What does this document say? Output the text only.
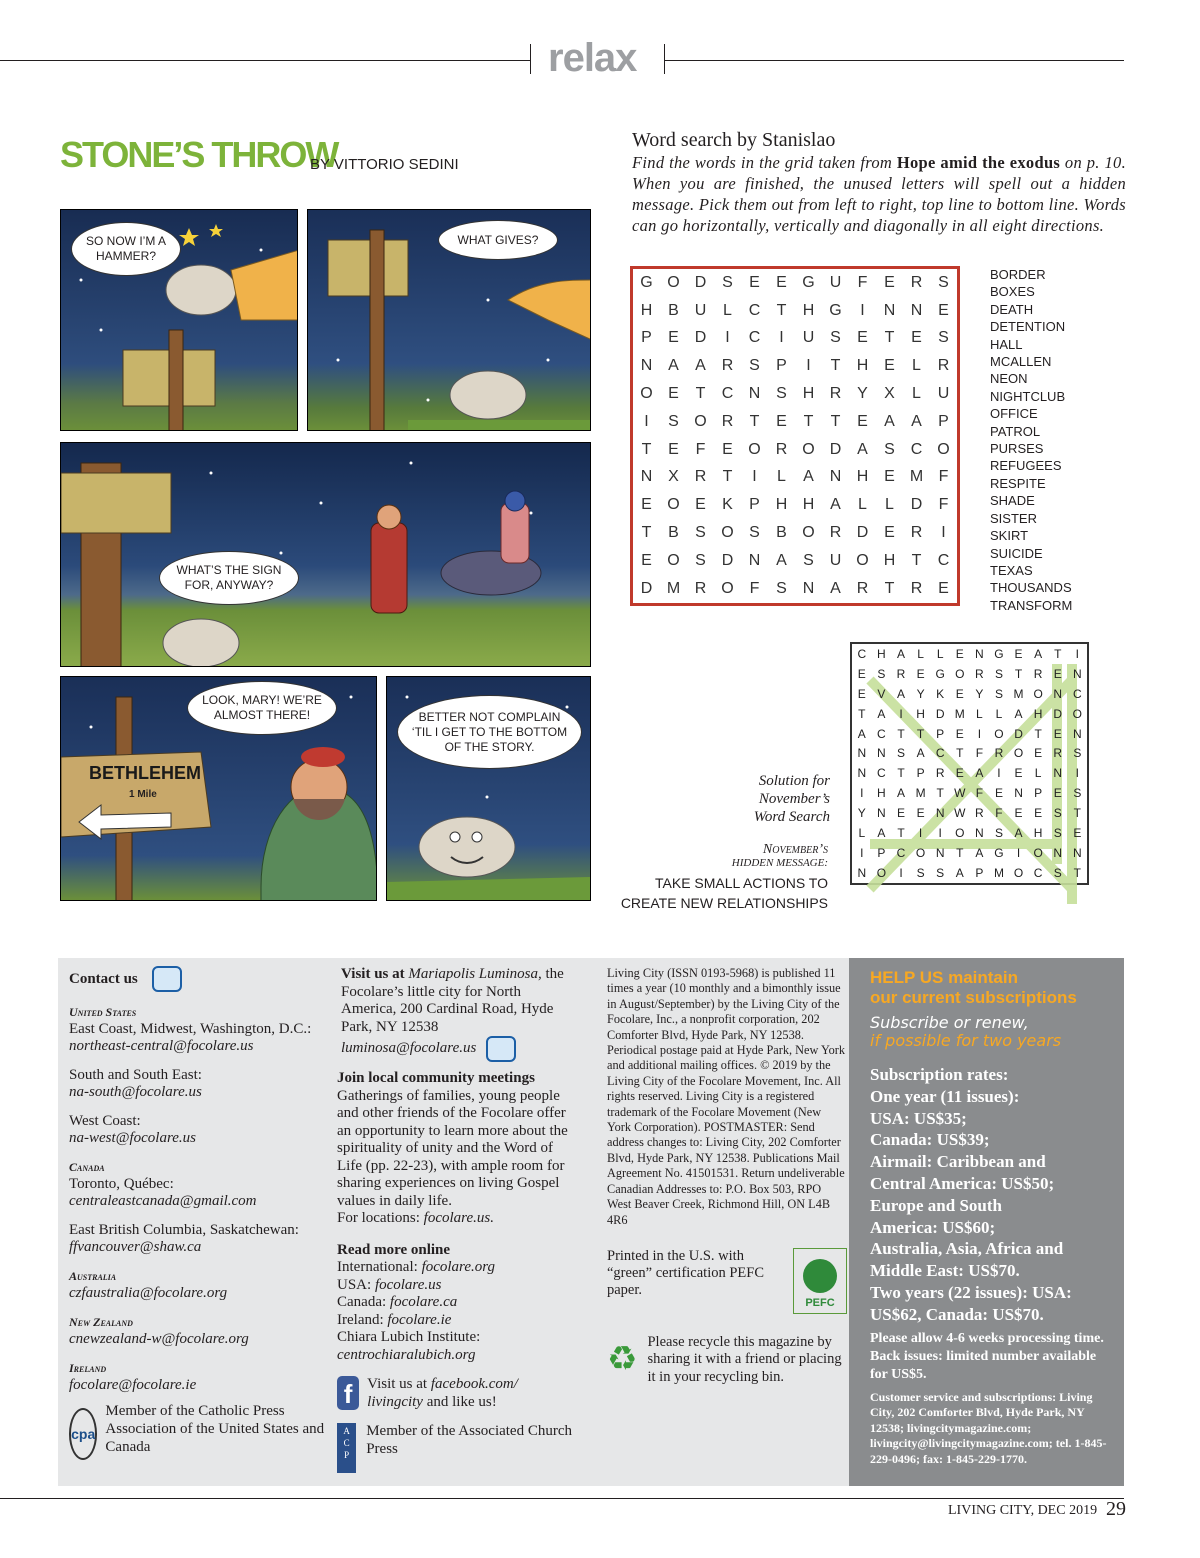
relax
STONE’S THROW
BY VITTORIO SEDINI
SO NOW I’M A HAMMER?
WHAT GIVES?
WHAT’S THE SIGN FOR, ANYWAY?
BETHLEHEM
1 Mile
LOOK, MARY! WE’RE ALMOST THERE!	BETTER NOT COMPLAIN ‘TIL I GET TO THE BOTTOM OF THE STORY.
Word search by Stanislao
Find the words in the grid taken from Hope amid the exodus on p. 10. When you are finished, the unused letters will spell out a hidden message. Pick them out from left to right, top line to bottom line. Words can go horizontally, vertically and diagonally in all eight directions.
G	O	D	S	E	E	G	U	F	E	R	S
H	B	U	L	C	T	H	G	I	N	N	E
P	E	D	I	C	I	U	S	E	T	E	S
N	A	A	R	S	P	I	T	H	E	L	R
O	E	T	C	N	S	H	R	Y	X	L	U
I	S	O	R	T	E	T	T	E	A	A	P
T	E	F	E	O	R	O	D	A	S	C	O
N	X	R	T	I	L	A	N	H	E	M	F
E	O	E	K	P	H	H	A	L	L	D	F
T	B	S	O	S	B	O	R	D	E	R	I
E	O	S	D	N	A	S	U	O	H	T	C
D	M	R	O	F	S	N	A	R	T	R	E
BORDER
BOXES
DEATH
DETENTION
HALL
MCALLEN
NEON
NIGHTCLUB
OFFICE
PATROL
PURSES
REFUGEES
RESPITE
SHADE
SISTER
SKIRT
SUICIDE
TEXAS
THOUSANDS
TRANSFORM
Solution for November’s Word Search
November’s
HIDDEN MESSAGE:
TAKE SMALL ACTIONS TO
CREATE NEW RELATIONSHIPS
C	H	A	L	L	E	N	G	E	A	T	I
E	S	R	E	G	O	R	S	T	R	E	N
E	V	A	Y	K	E	Y	S	M	O	N	C
T	A	I	H	D	M	L	L	A	H	D	O
A	C	T	T	P	E	I	O	D	T	E	N
N	N	S	A	C	T	F	R	O	E	R	S
N	C	T	P	R	E	A	I	E	L	N	I
I	H	A	M	T	W	F	E	N	P	E	S
Y	N	E	E	N	W	R	F	E	E	S	T
L	A	T	I	I	O	N	S	A	H	S	E
I	P	C	O	N	T	A	G	I	O	N	N
N	O	I	S	S	A	P	M	O	C	S	T
Contact us
United States
East Coast, Midwest, Washington, D.C.:
northeast-central@focolare.us
South and South East:
na-south@focolare.us
West Coast:
na-west@focolare.us
Canada
Toronto, Québec:
centraleastcanada@gmail.com
East British Columbia, Saskatchewan:
ffvancouver@shaw.ca
Australia
czfaustralia@focolare.org
New Zealand
cnewzealand-w@focolare.org
Ireland
focolare@focolare.ie
cpa
Member of the Catholic Press Association of the United States and Canada
Visit us at Mariapolis Luminosa, the Focolare’s little city for North America, 200 Cardinal Road, Hyde Park, NY 12538
luminosa@focolare.us
Join local community meetings
Gatherings of families, young people and other friends of the Focolare offer an opportunity to learn more about the spirituality of unity and the Word of Life (pp. 22-23), with ample room for sharing experiences on living Gospel values in daily life.
For locations: focolare.us.
Read more online
International: focolare.org
USA: focolare.us
Canada: focolare.ca
Ireland: focolare.ie
Chiara Lubich Institute:
centrochiaralubich.org
f Visit us at facebook.com/ livingcity and like us!
A
C
P
Member of the Associated Church Press
Living City (ISSN 0193-5968) is published 11 times a year (10 monthly and a bimonthly issue in August/September) by the Living City of the Focolare, Inc., a nonprofit corporation, 202 Comforter Blvd, Hyde Park, NY 12538. Periodical postage paid at Hyde Park, New York and additional mailing offices. © 2019 by the Living City of the Focolare Movement, Inc. All rights reserved. Living City is a registered trademark of the Focolare Movement (New York Corporation). POSTMASTER: Send address changes to: Living City, 202 Comforter Blvd, Hyde Park, NY 12538. Publications Mail Agreement No. 41501531. Return undeliverable Canadian Addresses to: P.O. Box 503, RPO West Beaver Creek, Richmond Hill, ON L4B 4R6
Printed in the U.S. with “green” certification PEFC paper.
PEFC
♻ Please recycle this magazine by sharing it with a friend or placing it in your recycling bin.
HELP US maintain
our current subscriptions
Subscribe or renew,
if possible for two years
Subscription rates:
One year (11 issues):
USA: US$35;
Canada: US$39;
Airmail: Caribbean and
Central America: US$50;
Europe and South
America: US$60;
Australia, Asia, Africa and
Middle East: US$70.
Two years (22 issues): USA:
US$62, Canada: US$70.
Please allow 4-6 weeks processing time. Back issues: limited number available for US$5.
Customer service and subscriptions: Living City, 202 Comforter Blvd, Hyde Park, NY 12538; livingcitymagazine.com; livingcity@livingcitymagazine.com; tel. 1-845-229-0496; fax: 1-845-229-1770.
LIVING CITY, DEC 2019 29
